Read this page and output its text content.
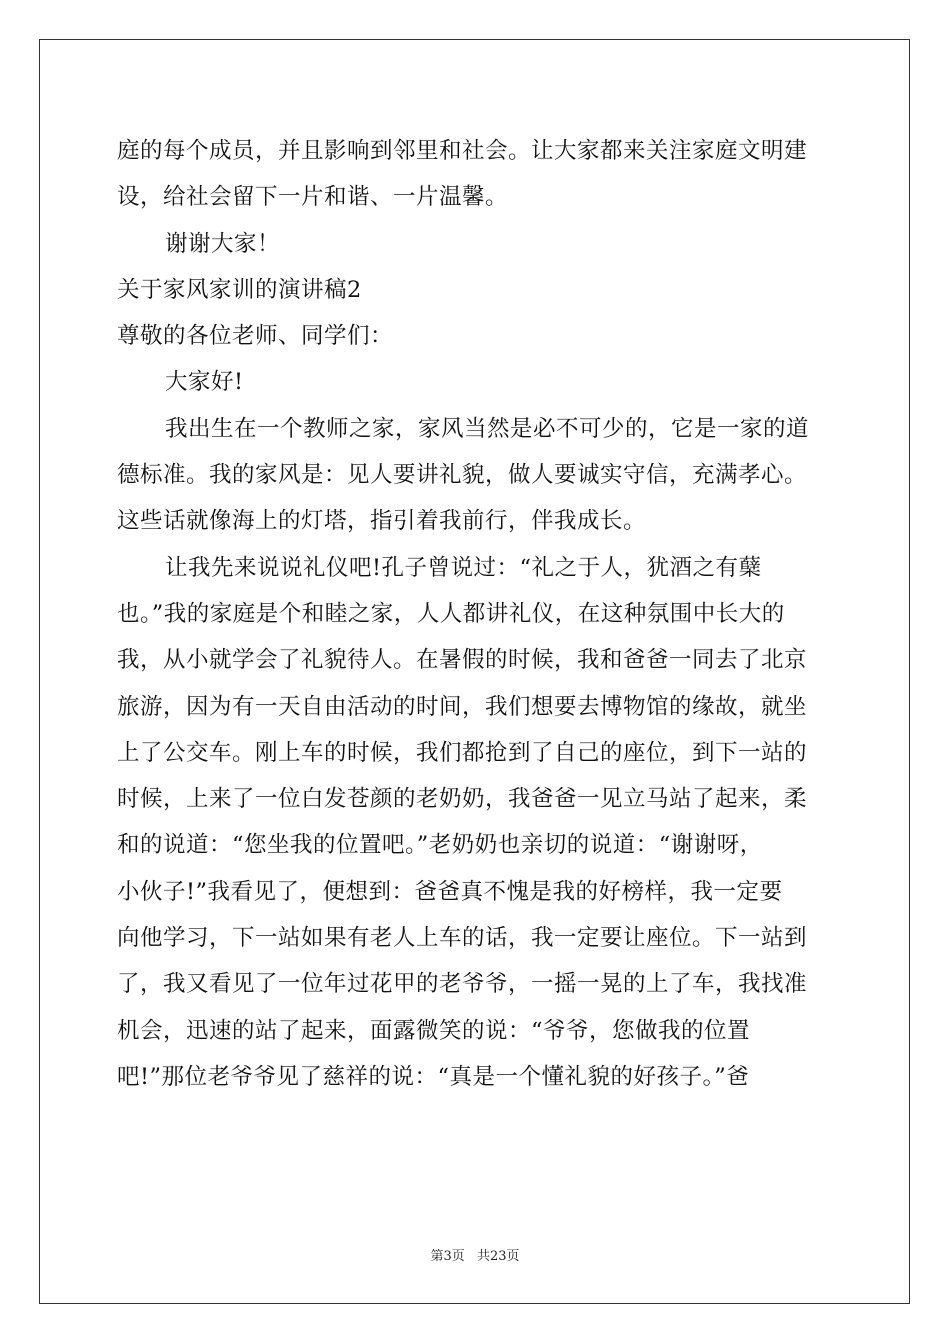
庭的每个成员，并且影响到邻里和社会。让大家都来关注家庭文明建
设，给社会留下一片和谐、一片温馨。
谢谢大家！
关于家风家训的演讲稿2
尊敬的各位老师、同学们：
大家好!
我出生在一个教师之家，家风当然是必不可少的，它是一家的道
德标准。我的家风是：见人要讲礼貌，做人要诚实守信，充满孝心。
这些话就像海上的灯塔，指引着我前行，伴我成长。
让我先来说说礼仪吧!孔子曾说过：“礼之于人，犹酒之有蘖
也。”我的家庭是个和睦之家，人人都讲礼仪，在这种氛围中长大的
我，从小就学会了礼貌待人。在暑假的时候，我和爸爸一同去了北京
旅游，因为有一天自由活动的时间，我们想要去博物馆的缘故，就坐
上了公交车。刚上车的时候，我们都抢到了自己的座位，到下一站的
时候，上来了一位白发苍颜的老奶奶，我爸爸一见立马站了起来，柔
和的说道：“您坐我的位置吧。”老奶奶也亲切的说道：“谢谢呀，
小伙子!”我看见了，便想到：爸爸真不愧是我的好榜样，我一定要
向他学习，下一站如果有老人上车的话，我一定要让座位。下一站到
了，我又看见了一位年过花甲的老爷爷，一摇一晃的上了车，我找准
机会，迅速的站了起来，面露微笑的说：“爷爷，您做我的位置
吧!”那位老爷爷见了慈祥的说：“真是一个懂礼貌的好孩子。”爸
第3页 共23页
